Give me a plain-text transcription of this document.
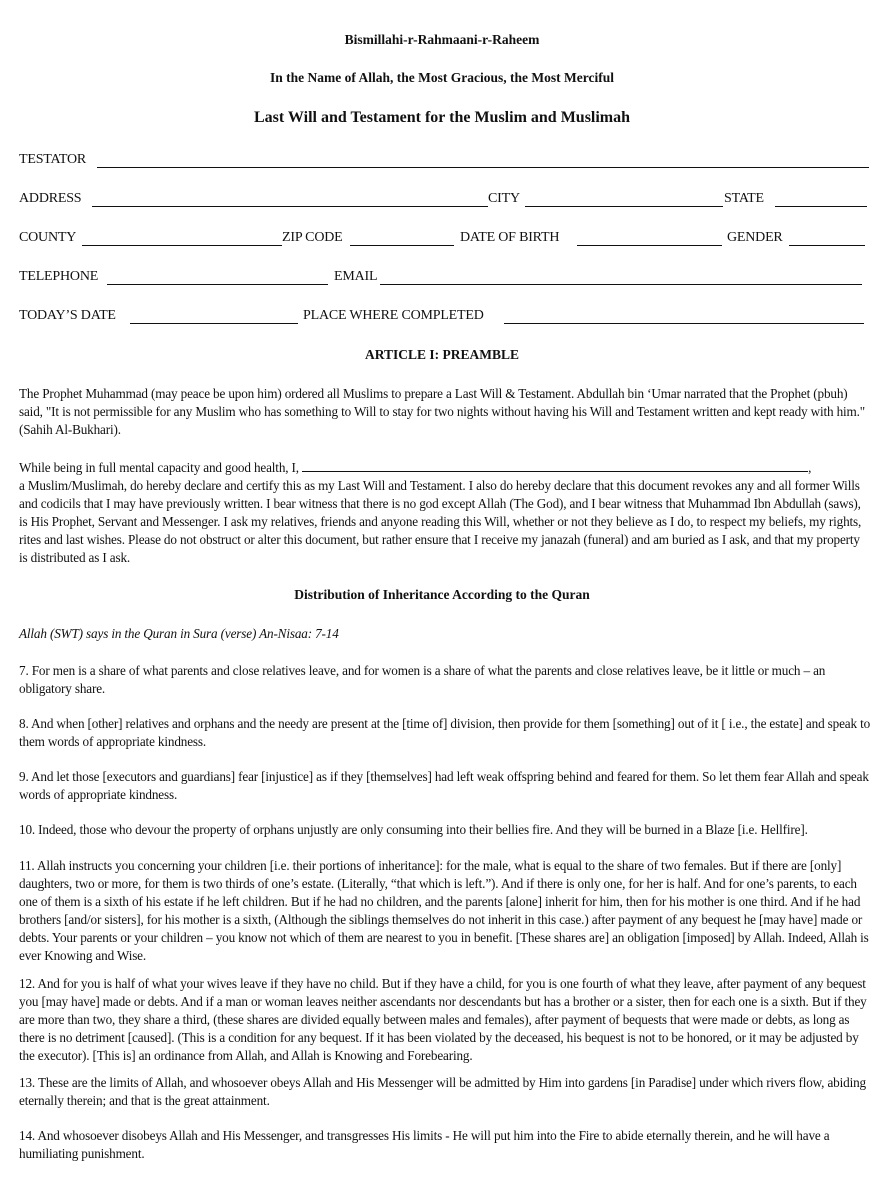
Bismillahi-r-Rahmaani-r-Raheem
In the Name of Allah, the Most Gracious, the Most Merciful
Last Will and Testament for the Muslim and Muslimah
TESTATOR
ADDRESS	CITY	STATE
COUNTY	ZIP CODE	DATE OF BIRTH	GENDER
TELEPHONE	EMAIL
TODAY’S DATE	PLACE WHERE COMPLETED
ARTICLE I: PREAMBLE

The Prophet Muhammad (may peace be upon him) ordered all Muslims to prepare a Last Will & Testament. Abdullah bin ‘Umar narrated that the Prophet (pbuh) said, "It is not permissible for any Muslim who has something to Will to stay for two nights without having his Will and Testament written and kept ready with him." (Sahih Al-Bukhari).

While being in full mental capacity and good health, I,	,
a Muslim/Muslimah, do hereby declare and certify this as my Last Will and Testament. I also do hereby declare that this document revokes any and all former Wills and codicils that I may have previously written. I bear witness that there is no god except Allah (The God), and I bear witness that Muhammad Ibn Abdullah (saws), is His Prophet, Servant and Messenger. I ask my relatives, friends and anyone reading this Will, whether or not they believe as I do, to respect my beliefs, my rights, rites and last wishes. Please do not obstruct or alter this document, but rather ensure that I receive my janazah (funeral) and am buried as I ask, and that my property is distributed as I ask.

Distribution of Inheritance According to the Quran
Allah (SWT) says in the Quran in Sura (verse) An-Nisaa: 7-14
7. For men is a share of what parents and close relatives leave, and for women is a share of what the parents and close relatives leave, be it little or much – an obligatory share.
8. And when [other] relatives and orphans and the needy are present at the [time of] division, then provide for them [something] out of it [ i.e., the estate] and speak to them words of appropriate kindness.
9. And let those [executors and guardians] fear [injustice] as if they [themselves] had left weak offspring behind and feared for them. So let them fear Allah and speak words of appropriate kindness.
10. Indeed, those who devour the property of orphans unjustly are only consuming into their bellies fire. And they will be burned in a Blaze [i.e. Hellfire].
11. Allah instructs you concerning your children [i.e. their portions of inheritance]: for the male, what is equal to the share of two females. But if there are [only] daughters, two or more, for them is two thirds of one’s estate. (Literally, “that which is left.”). And if there is only one, for her is half. And for one’s parents, to each one of them is a sixth of his estate if he left children. But if he had no children, and the parents [alone] inherit for him, then for his mother is one third. And if he had brothers [and/or sisters], for his mother is a sixth, (Although the siblings themselves do not inherit in this case.) after payment of any bequest he [may have] made or debts. Your parents or your children – you know not which of them are nearest to you in benefit. [These shares are] an obligation [imposed] by Allah. Indeed, Allah is ever Knowing and Wise.
12. And for you is half of what your wives leave if they have no child. But if they have a child, for you is one fourth of what they leave, after payment of any bequest you [may have] made or debts. And if a man or woman leaves neither ascendants nor descendants but has a brother or a sister, then for each one is a sixth. But if they are more than two, they share a third, (these shares are divided equally between males and females), after payment of bequests that were made or debts, as long as there is no detriment [caused]. (This is a condition for any bequest. If it has been violated by the deceased, his bequest is not to be honored, or it may be adjusted by the executor). [This is] an ordinance from Allah, and Allah is Knowing and Forebearing.
13. These are the limits of Allah, and whosoever obeys Allah and His Messenger will be admitted by Him into gardens [in Paradise] under which rivers flow, abiding eternally therein; and that is the great attainment.
14. And whosoever disobeys Allah and His Messenger, and transgresses His limits - He will put him into the Fire to abide eternally therein, and he will have a humiliating punishment.
